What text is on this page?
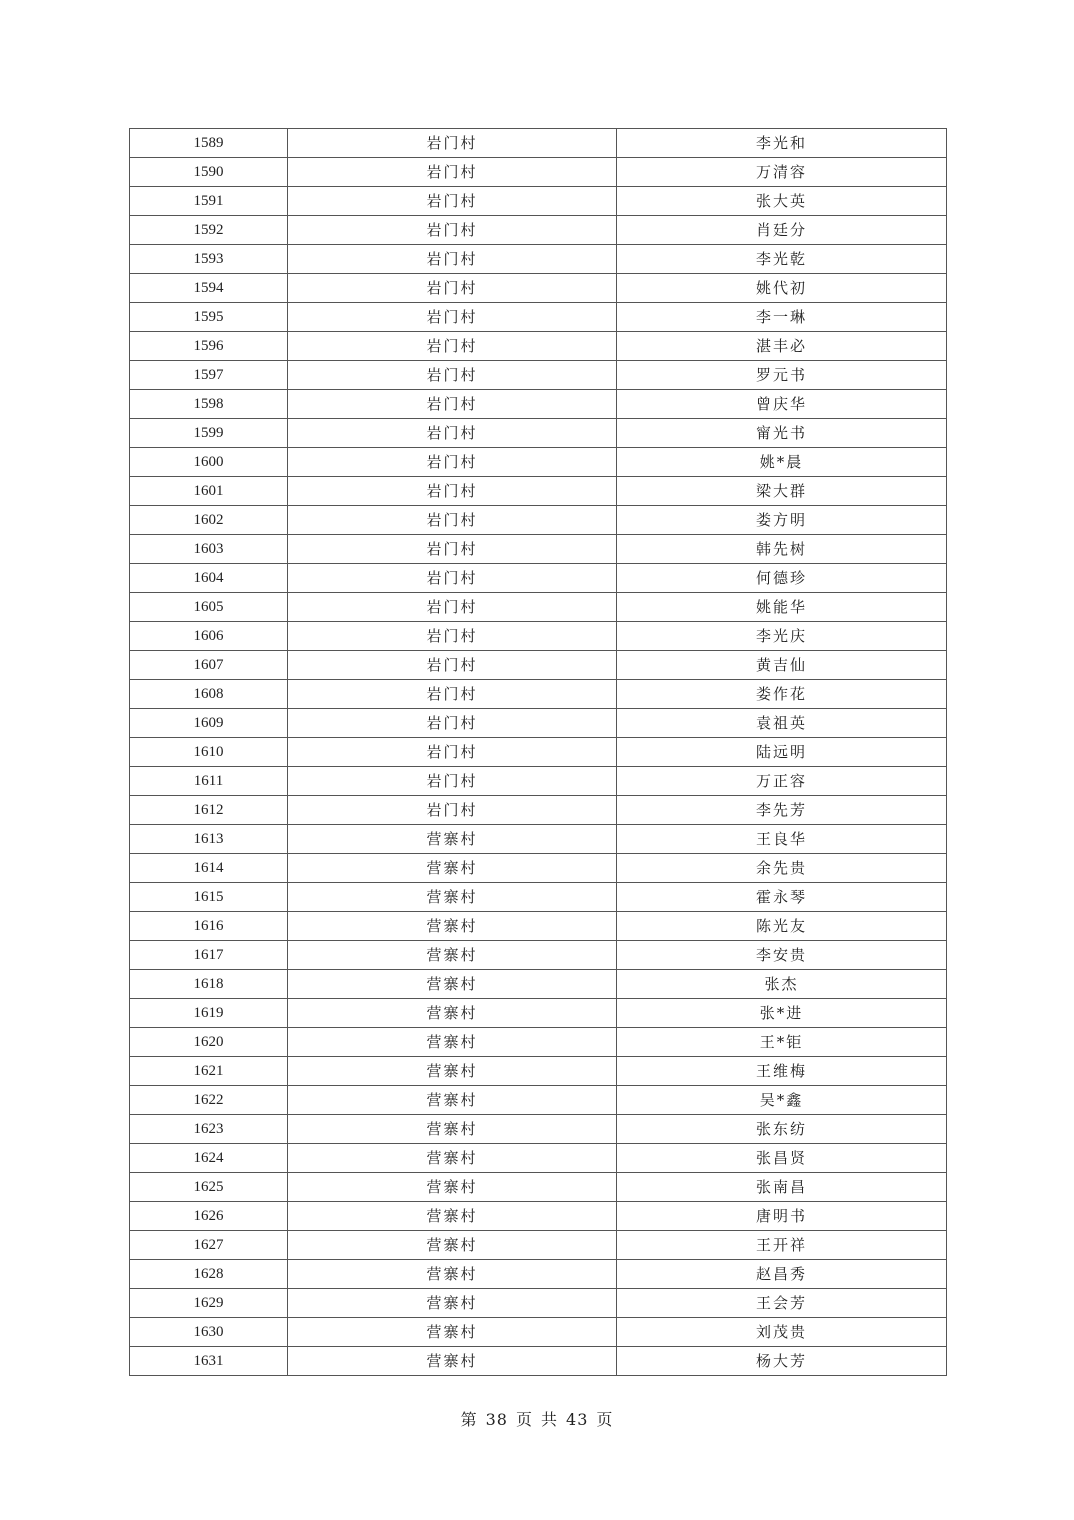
1589	岩门村	李光和
1590	岩门村	万清容
1591	岩门村	张大英
1592	岩门村	肖廷分
1593	岩门村	李光乾
1594	岩门村	姚代初
1595	岩门村	李一琳
1596	岩门村	湛丰必
1597	岩门村	罗元书
1598	岩门村	曾庆华
1599	岩门村	甯光书
1600	岩门村	姚*晨
1601	岩门村	梁大群
1602	岩门村	娄方明
1603	岩门村	韩先树
1604	岩门村	何德珍
1605	岩门村	姚能华
1606	岩门村	李光庆
1607	岩门村	黄吉仙
1608	岩门村	娄作花
1609	岩门村	袁祖英
1610	岩门村	陆远明
1611	岩门村	万正容
1612	岩门村	李先芳
1613	营寨村	王良华
1614	营寨村	余先贵
1615	营寨村	霍永琴
1616	营寨村	陈光友
1617	营寨村	李安贵
1618	营寨村	张杰
1619	营寨村	张*进
1620	营寨村	王*钜
1621	营寨村	王维梅
1622	营寨村	吴*鑫
1623	营寨村	张东纺
1624	营寨村	张昌贤
1625	营寨村	张南昌
1626	营寨村	唐明书
1627	营寨村	王开祥
1628	营寨村	赵昌秀
1629	营寨村	王会芳
1630	营寨村	刘茂贵
1631	营寨村	杨大芳
第 38 页 共 43 页
